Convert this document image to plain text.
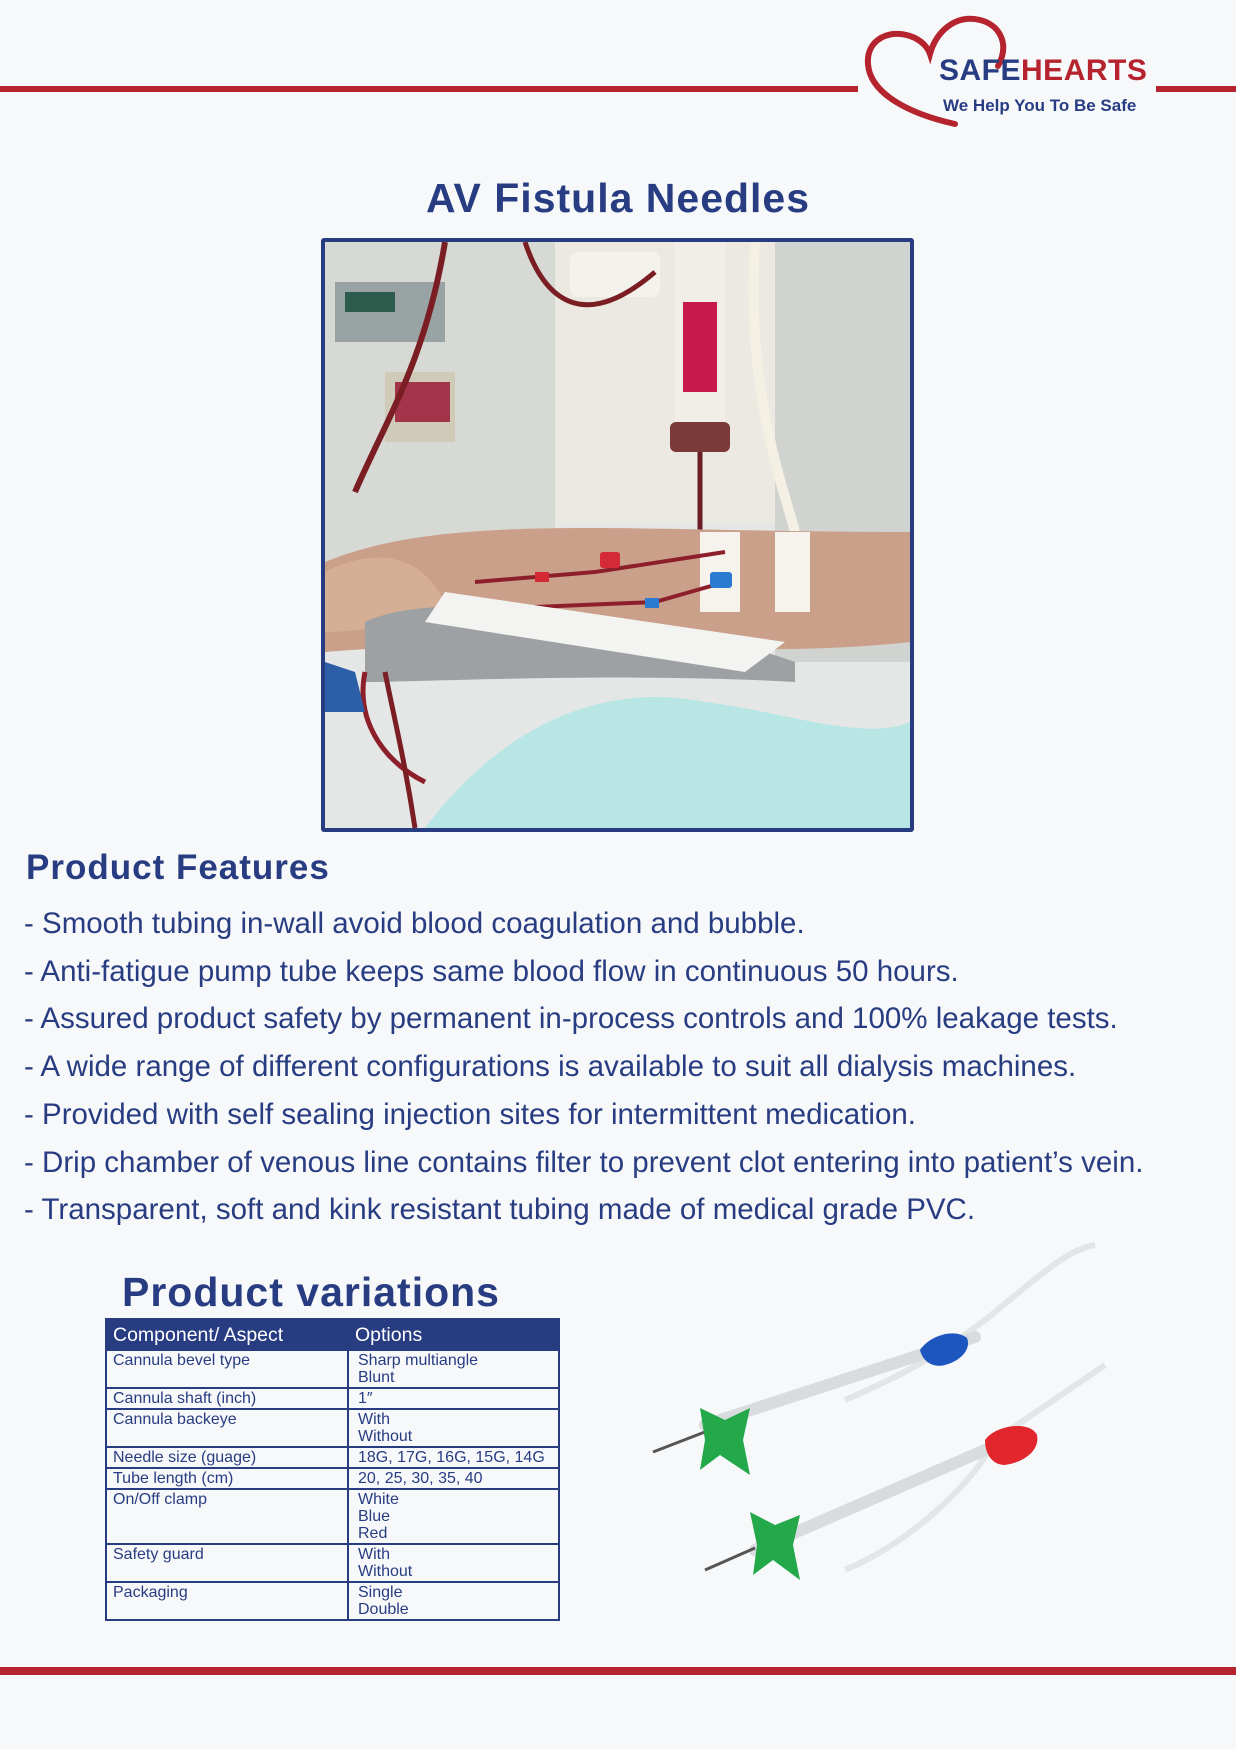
SAFEHEARTS
We Help You To Be Safe
AV Fistula Needles
Product Features
- Smooth tubing in-wall avoid blood coagulation and bubble.
- Anti-fatigue pump tube keeps same blood flow in continuous 50 hours.
- Assured product safety by permanent in-process controls and 100% leakage tests.
- A wide range of different configurations is available to suit all dialysis machines.
- Provided with self sealing injection sites for intermittent medication.
- Drip chamber of venous line contains filter to prevent clot entering into patient’s vein.
- Transparent, soft and kink resistant tubing made of medical grade PVC.
Product variations
Component/ Aspect	Options
Cannula bevel type	Sharp multiangle
Blunt

Cannula shaft (inch)	1″

Cannula backeye	With
Without

Needle size (guage)	18G, 17G, 16G, 15G, 14G

Tube length (cm)	20, 25, 30, 35, 40

On/Off clamp	White
Blue
Red

Safety guard	With
Without

Packaging	Single
Double
